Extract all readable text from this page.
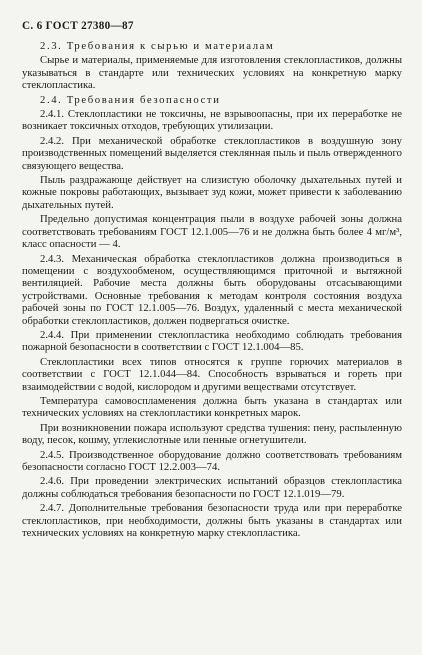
С. 6 ГОСТ 27380—87

2.3. Требования к сырью и материалам

Сырье и материалы, применяемые для изготовления стеклопластиков, должны указываться в стандарте или технических условиях на конкретную марку стеклопластика.

2.4. Требования безопасности

2.4.1. Стеклопластики не токсичны, не взрывоопасны, при их переработке не возникает токсичных отходов, требующих утилизации.

2.4.2. При механической обработке стеклопластиков в воздушную зону производственных помещений выделяется стеклянная пыль и пыль отвержденного связующего вещества.

Пыль раздражающе действует на слизистую оболочку дыхательных путей и кожные покровы работающих, вызывает зуд кожи, может привести к заболеванию дыхательных путей.

Предельно допустимая концентрация пыли в воздухе рабочей зоны должна соответствовать требованиям ГОСТ 12.1.005—76 и не должна быть более 4 мг/м³, класс опасности — 4.

2.4.3. Механическая обработка стеклопластиков должна производиться в помещении с воздухообменом, осуществляющимся приточной и вытяжной вентиляцией. Рабочие места должны быть оборудованы отсасывающими устройствами. Основные требования к методам контроля состояния воздуха рабочей зоны по ГОСТ 12.1.005—76. Воздух, удаленный с места механической обработки стеклопластиков, должен подвергаться очистке.

2.4.4. При применении стеклопластика необходимо соблюдать требования пожарной безопасности в соответствии с ГОСТ 12.1.004—85.

Стеклопластики всех типов относятся к группе горючих материалов в соответствии с ГОСТ 12.1.044—84. Способность взрываться и гореть при взаимодействии с водой, кислородом и другими веществами отсутствует.

Температура самовоспламенения должна быть указана в стандартах или технических условиях на стеклопластики конкретных марок.

При возникновении пожара используют средства тушения: пену, распыленную воду, песок, кошму, углекислотные или пенные огнетушители.

2.4.5. Производственное оборудование должно соответствовать требованиям безопасности согласно ГОСТ 12.2.003—74.

2.4.6. При проведении электрических испытаний образцов стеклопластика должны соблюдаться требования безопасности по ГОСТ 12.1.019—79.

2.4.7. Дополнительные требования безопасности труда или при переработке стеклопластиков, при необходимости, должны быть указаны в стандартах или технических условиях на конкретную марку стеклопластика.
